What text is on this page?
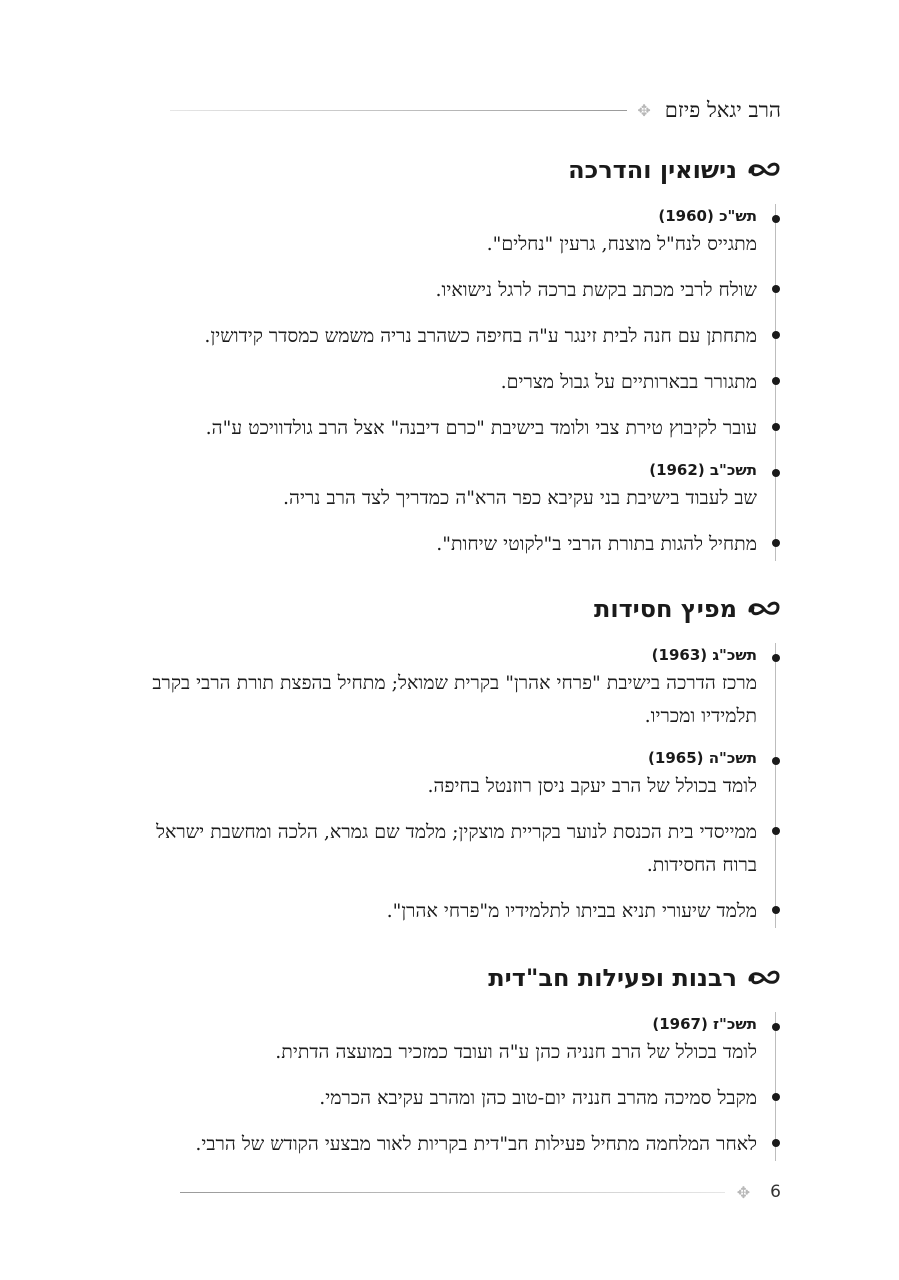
הרב יגאל פיזם
✥
נישואין והדרכה
תש"כ (1960)
מתגייס לנח"ל מוצנח, גרעין "נחלים".
שולח לרבי מכתב בקשת ברכה לרגל נישואיו.
מתחתן עם חנה לבית זינגר ע"ה בחיפה כשהרב נריה משמש כמסדר קידושין.
מתגורר בבארותיים על גבול מצרים.
עובר לקיבוץ טירת צבי ולומד בישיבת "כרם דיבנה" אצל הרב גולדוויכט ע"ה.
תשכ"ב (1962)
שב לעבוד בישיבת בני עקיבא כפר הרא"ה כמדריך לצד הרב נריה.
מתחיל להגות בתורת הרבי ב"לקוטי שיחות".
מפיץ חסידות
תשכ"ג (1963)
מרכז הדרכה בישיבת "פרחי אהרן" בקרית שמואל; מתחיל בהפצת תורת הרבי בקרב תלמידיו ומכריו.
תשכ"ה (1965)
לומד בכולל של הרב יעקב ניסן רוזנטל בחיפה.
ממייסדי בית הכנסת לנוער בקריית מוצקין; מלמד שם גמרא, הלכה ומחשבת ישראל ברוח החסידות.
מלמד שיעורי תניא בביתו לתלמידיו מ"פרחי אהרן".
רבנות ופעילות חב"דית
תשכ"ז (1967)
לומד בכולל של הרב חנניה כהן ע"ה ועובד כמזכיר במועצה הדתית.
מקבל סמיכה מהרב חנניה יום-טוב כהן ומהרב עקיבא הכרמי.
לאחר המלחמה מתחיל פעילות חב"דית בקריות לאור מבצעי הקודש של הרבי.
✥ 6
